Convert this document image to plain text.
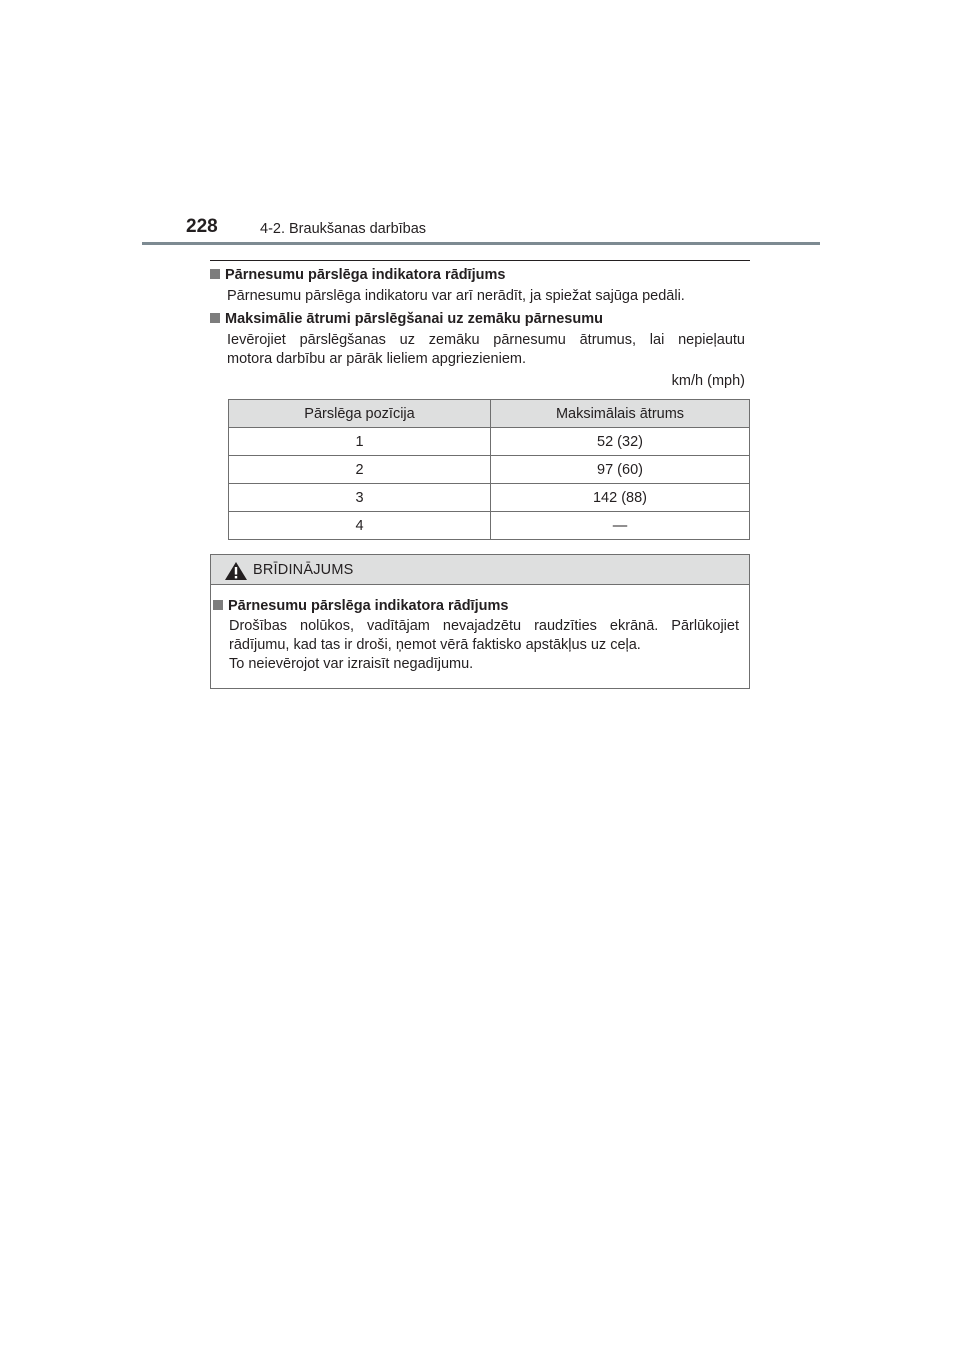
228	4-2. Braukšanas darbības
Pārnesumu pārslēga indikatora rādījums
Pārnesumu pārslēga indikatoru var arī nerādīt, ja spiežat sajūga pedāli.
Maksimālie ātrumi pārslēgšanai uz zemāku pārnesumu
Ievērojiet pārslēgšanas uz zemāku pārnesumu ātrumus, lai nepieļautu
motora darbību ar pārāk lieliem apgriezieniem.
km/h (mph)
Pārslēga pozīcija	Maksimālais ātrums
1	52 (32)
2	97 (60)
3	142 (88)
4	—
BRĪDINĀJUMS
Pārnesumu pārslēga indikatora rādījums
Drošības nolūkos, vadītājam nevajadzētu raudzīties ekrānā. Pārlūkojiet
rādījumu, kad tas ir droši, ņemot vērā faktisko apstākļus uz ceļa.
To neievērojot var izraisīt negadījumu.
